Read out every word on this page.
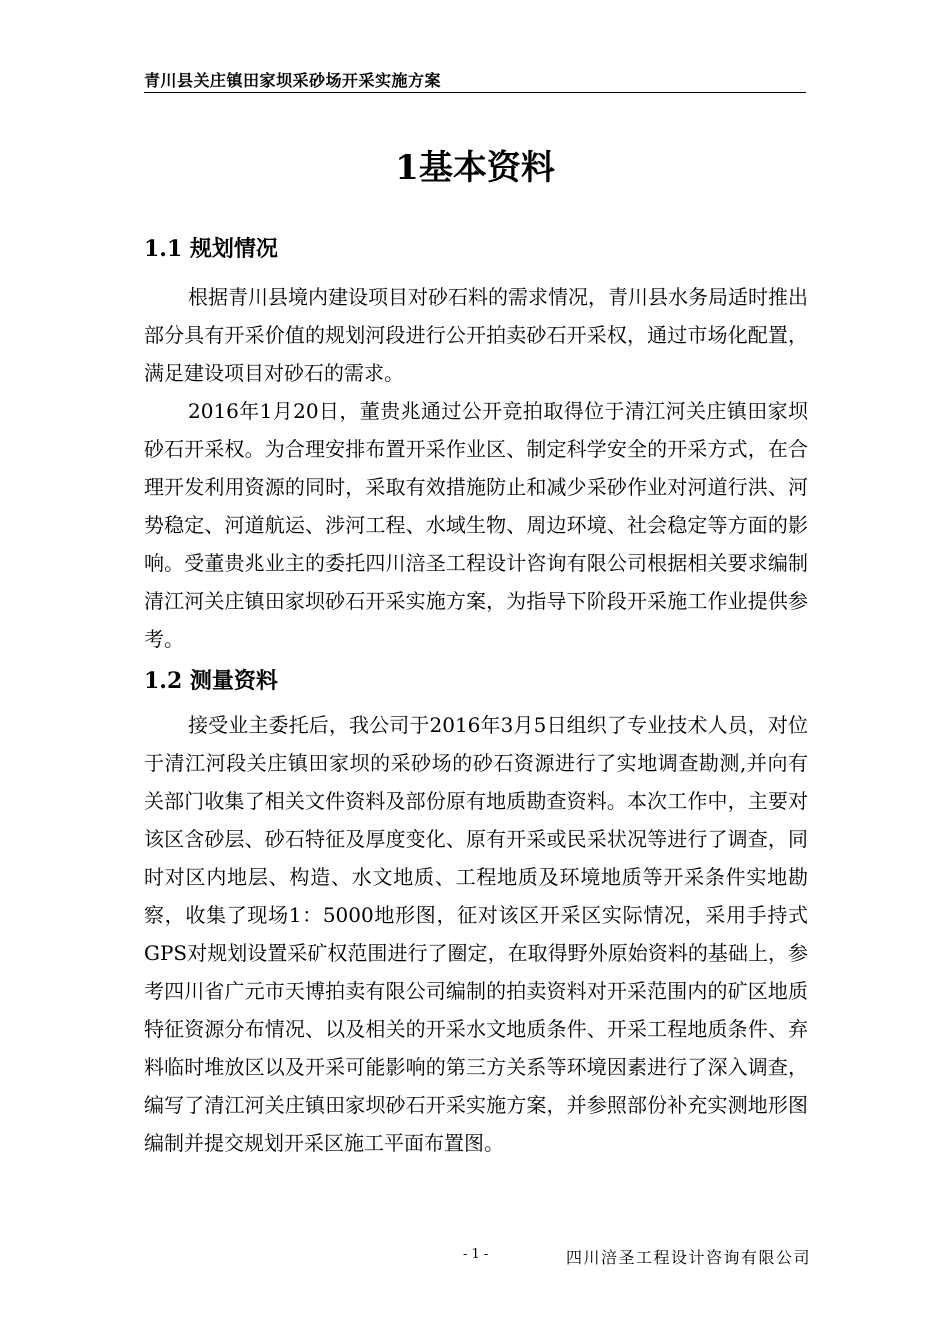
青川县关庄镇田家坝采砂场开采实施方案
1基本资料
1.1 规划情况

根据青川县境内建设项目对砂石料的需求情况，青川县水务局适时推出部分具有开采价值的规划河段进行公开拍卖砂石开采权，通过市场化配置，满足建设项目对砂石的需求。

2016年1月20日，董贵兆通过公开竞拍取得位于清江河关庄镇田家坝砂石开采权。为合理安排布置开采作业区、制定科学安全的开采方式，在合理开发利用资源的同时，采取有效措施防止和减少采砂作业对河道行洪、河势稳定、河道航运、涉河工程、水域生物、周边环境、社会稳定等方面的影响。受董贵兆业主的委托四川涪圣工程设计咨询有限公司根据相关要求编制清江河关庄镇田家坝砂石开采实施方案，为指导下阶段开采施工作业提供参考。

1.2 测量资料

接受业主委托后，我公司于2016年3月5日组织了专业技术人员，对位于清江河段关庄镇田家坝的采砂场的砂石资源进行了实地调查勘测,并向有关部门收集了相关文件资料及部份原有地质勘查资料。本次工作中，主要对该区含砂层、砂石特征及厚度变化、原有开采或民采状况等进行了调查，同时对区内地层、构造、水文地质、工程地质及环境地质等开采条件实地勘察，收集了现场1：5000地形图，征对该区开采区实际情况，采用手持式GPS对规划设置采矿权范围进行了圈定，在取得野外原始资料的基础上，参考四川省广元市天博拍卖有限公司编制的拍卖资料对开采范围内的矿区地质特征资源分布情况、以及相关的开采水文地质条件、开采工程地质条件、弃料临时堆放区以及开采可能影响的第三方关系等环境因素进行了深入调查，编写了清江河关庄镇田家坝砂石开采实施方案，并参照部份补充实测地形图编制并提交规划开采区施工平面布置图。

- 1 -	四川涪圣工程设计咨询有限公司
